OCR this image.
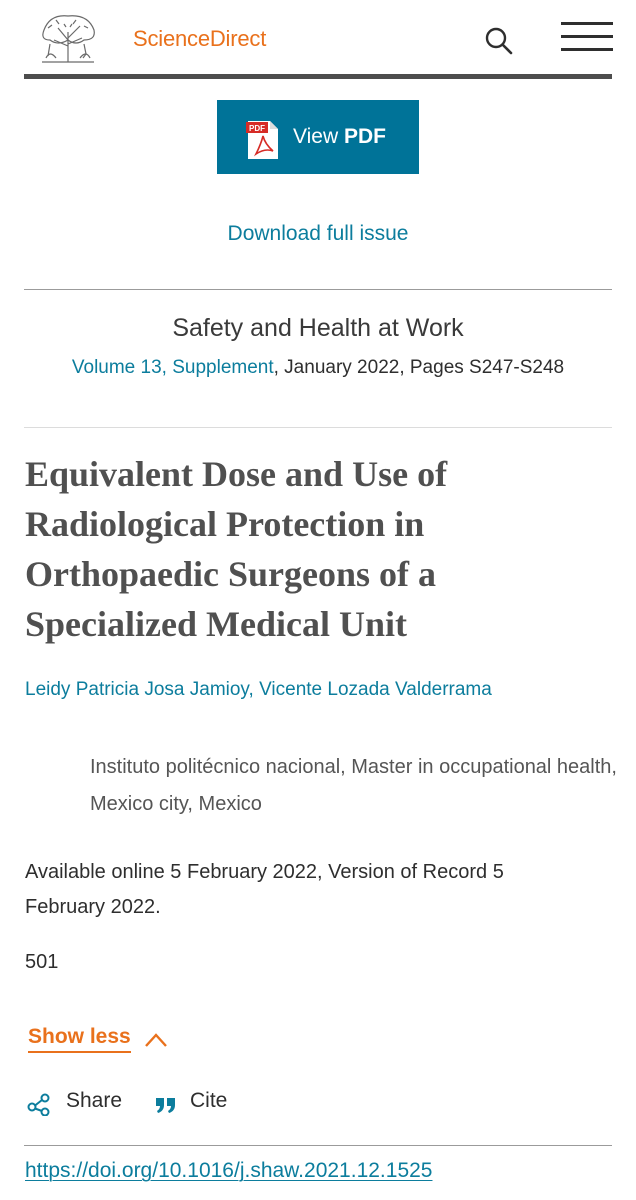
ScienceDirect
PDF View PDF
Download full issue
Safety and Health at Work
Volume 13, Supplement, January 2022, Pages S247-S248
Equivalent Dose and Use of Radiological Protection in Orthopaedic Surgeons of a Specialized Medical Unit
Leidy Patricia Josa Jamioy, Vicente Lozada Valderrama
Instituto politécnico nacional, Master in occupational health, Mexico city, Mexico
Available online 5 February 2022, Version of Record 5 February 2022.
501
Show less
Share	Cite
https://doi.org/10.1016/j.shaw.2021.12.1525
